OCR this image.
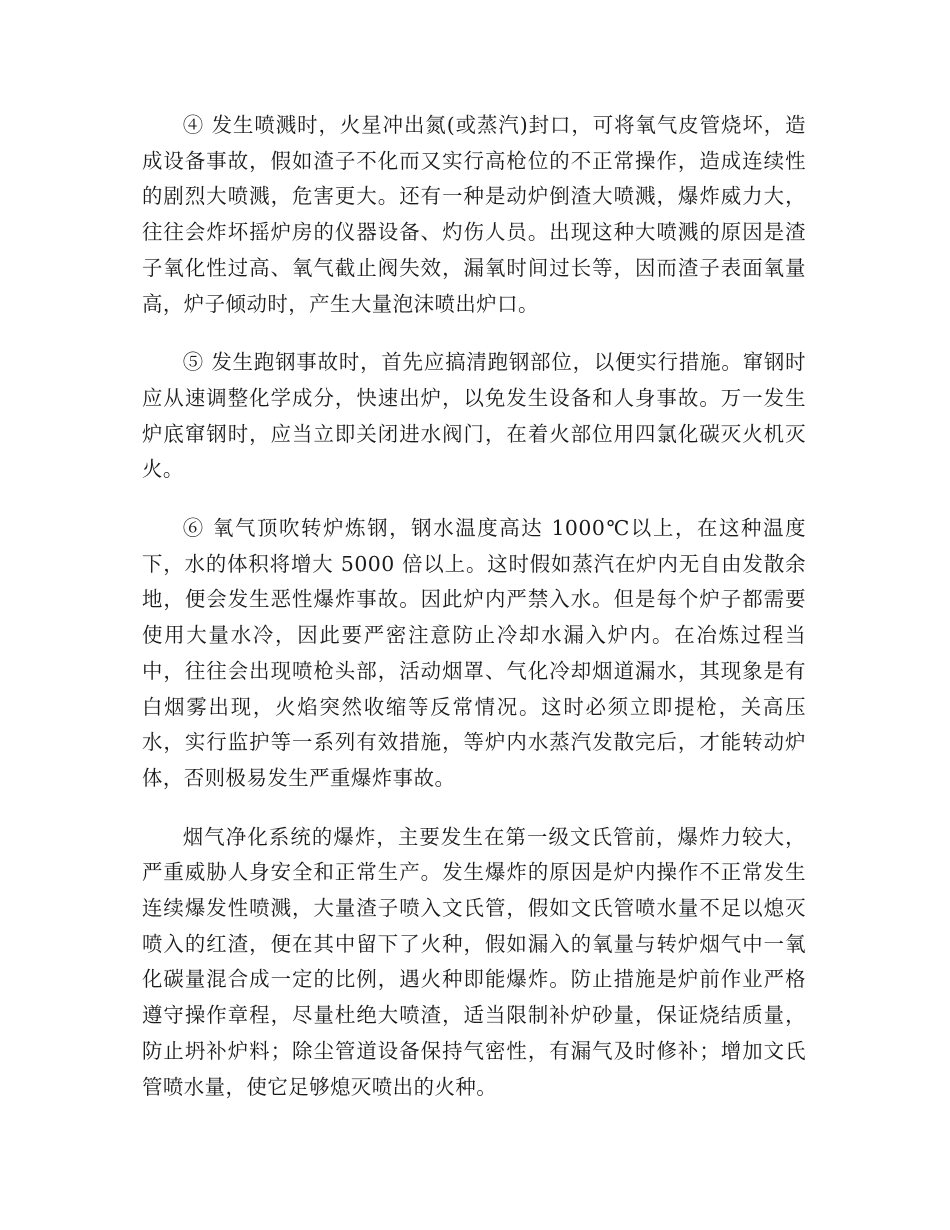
④ 发生喷溅时，火星冲出氮(或蒸汽)封口，可将氧气皮管烧坏，造成设备事故，假如渣子不化而又实行高枪位的不正常操作，造成连续性的剧烈大喷溅，危害更大。还有一种是动炉倒渣大喷溅，爆炸威力大，往往会炸坏摇炉房的仪器设备、灼伤人员。出现这种大喷溅的原因是渣子氧化性过高、氧气截止阀失效，漏氧时间过长等，因而渣子表面氧量高，炉子倾动时，产生大量泡沫喷出炉口。

⑤ 发生跑钢事故时，首先应搞清跑钢部位，以便实行措施。窜钢时应从速调整化学成分，快速出炉，以免发生设备和人身事故。万一发生炉底窜钢时，应当立即关闭进水阀门，在着火部位用四氯化碳灭火机灭火。

⑥ 氧气顶吹转炉炼钢，钢水温度高达 1000℃以上，在这种温度下，水的体积将增大 5000 倍以上。这时假如蒸汽在炉内无自由发散余地，便会发生恶性爆炸事故。因此炉内严禁入水。但是每个炉子都需要使用大量水冷，因此要严密注意防止冷却水漏入炉内。在冶炼过程当中，往往会出现喷枪头部，活动烟罩、气化冷却烟道漏水，其现象是有白烟雾出现，火焰突然收缩等反常情况。这时必须立即提枪，关高压水，实行监护等一系列有效措施，等炉内水蒸汽发散完后，才能转动炉体，否则极易发生严重爆炸事故。

烟气净化系统的爆炸，主要发生在第一级文氏管前，爆炸力较大，严重威胁人身安全和正常生产。发生爆炸的原因是炉内操作不正常发生连续爆发性喷溅，大量渣子喷入文氏管，假如文氏管喷水量不足以熄灭喷入的红渣，便在其中留下了火种，假如漏入的氧量与转炉烟气中一氧化碳量混合成一定的比例，遇火种即能爆炸。防止措施是炉前作业严格遵守操作章程，尽量杜绝大喷渣，适当限制补炉砂量，保证烧结质量，防止坍补炉料；除尘管道设备保持气密性，有漏气及时修补；增加文氏管喷水量，使它足够熄灭喷出的火种。
